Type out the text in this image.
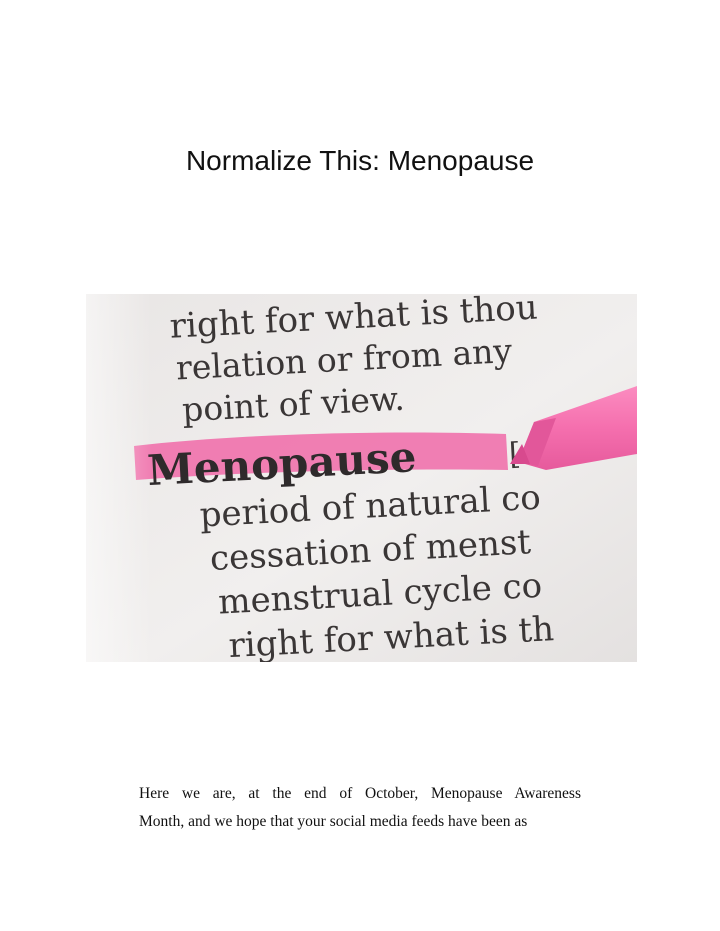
Normalize This: Menopause

Here we are, at the end of October, Menopause Awareness

Month, and we hope that your social media feeds have been as
